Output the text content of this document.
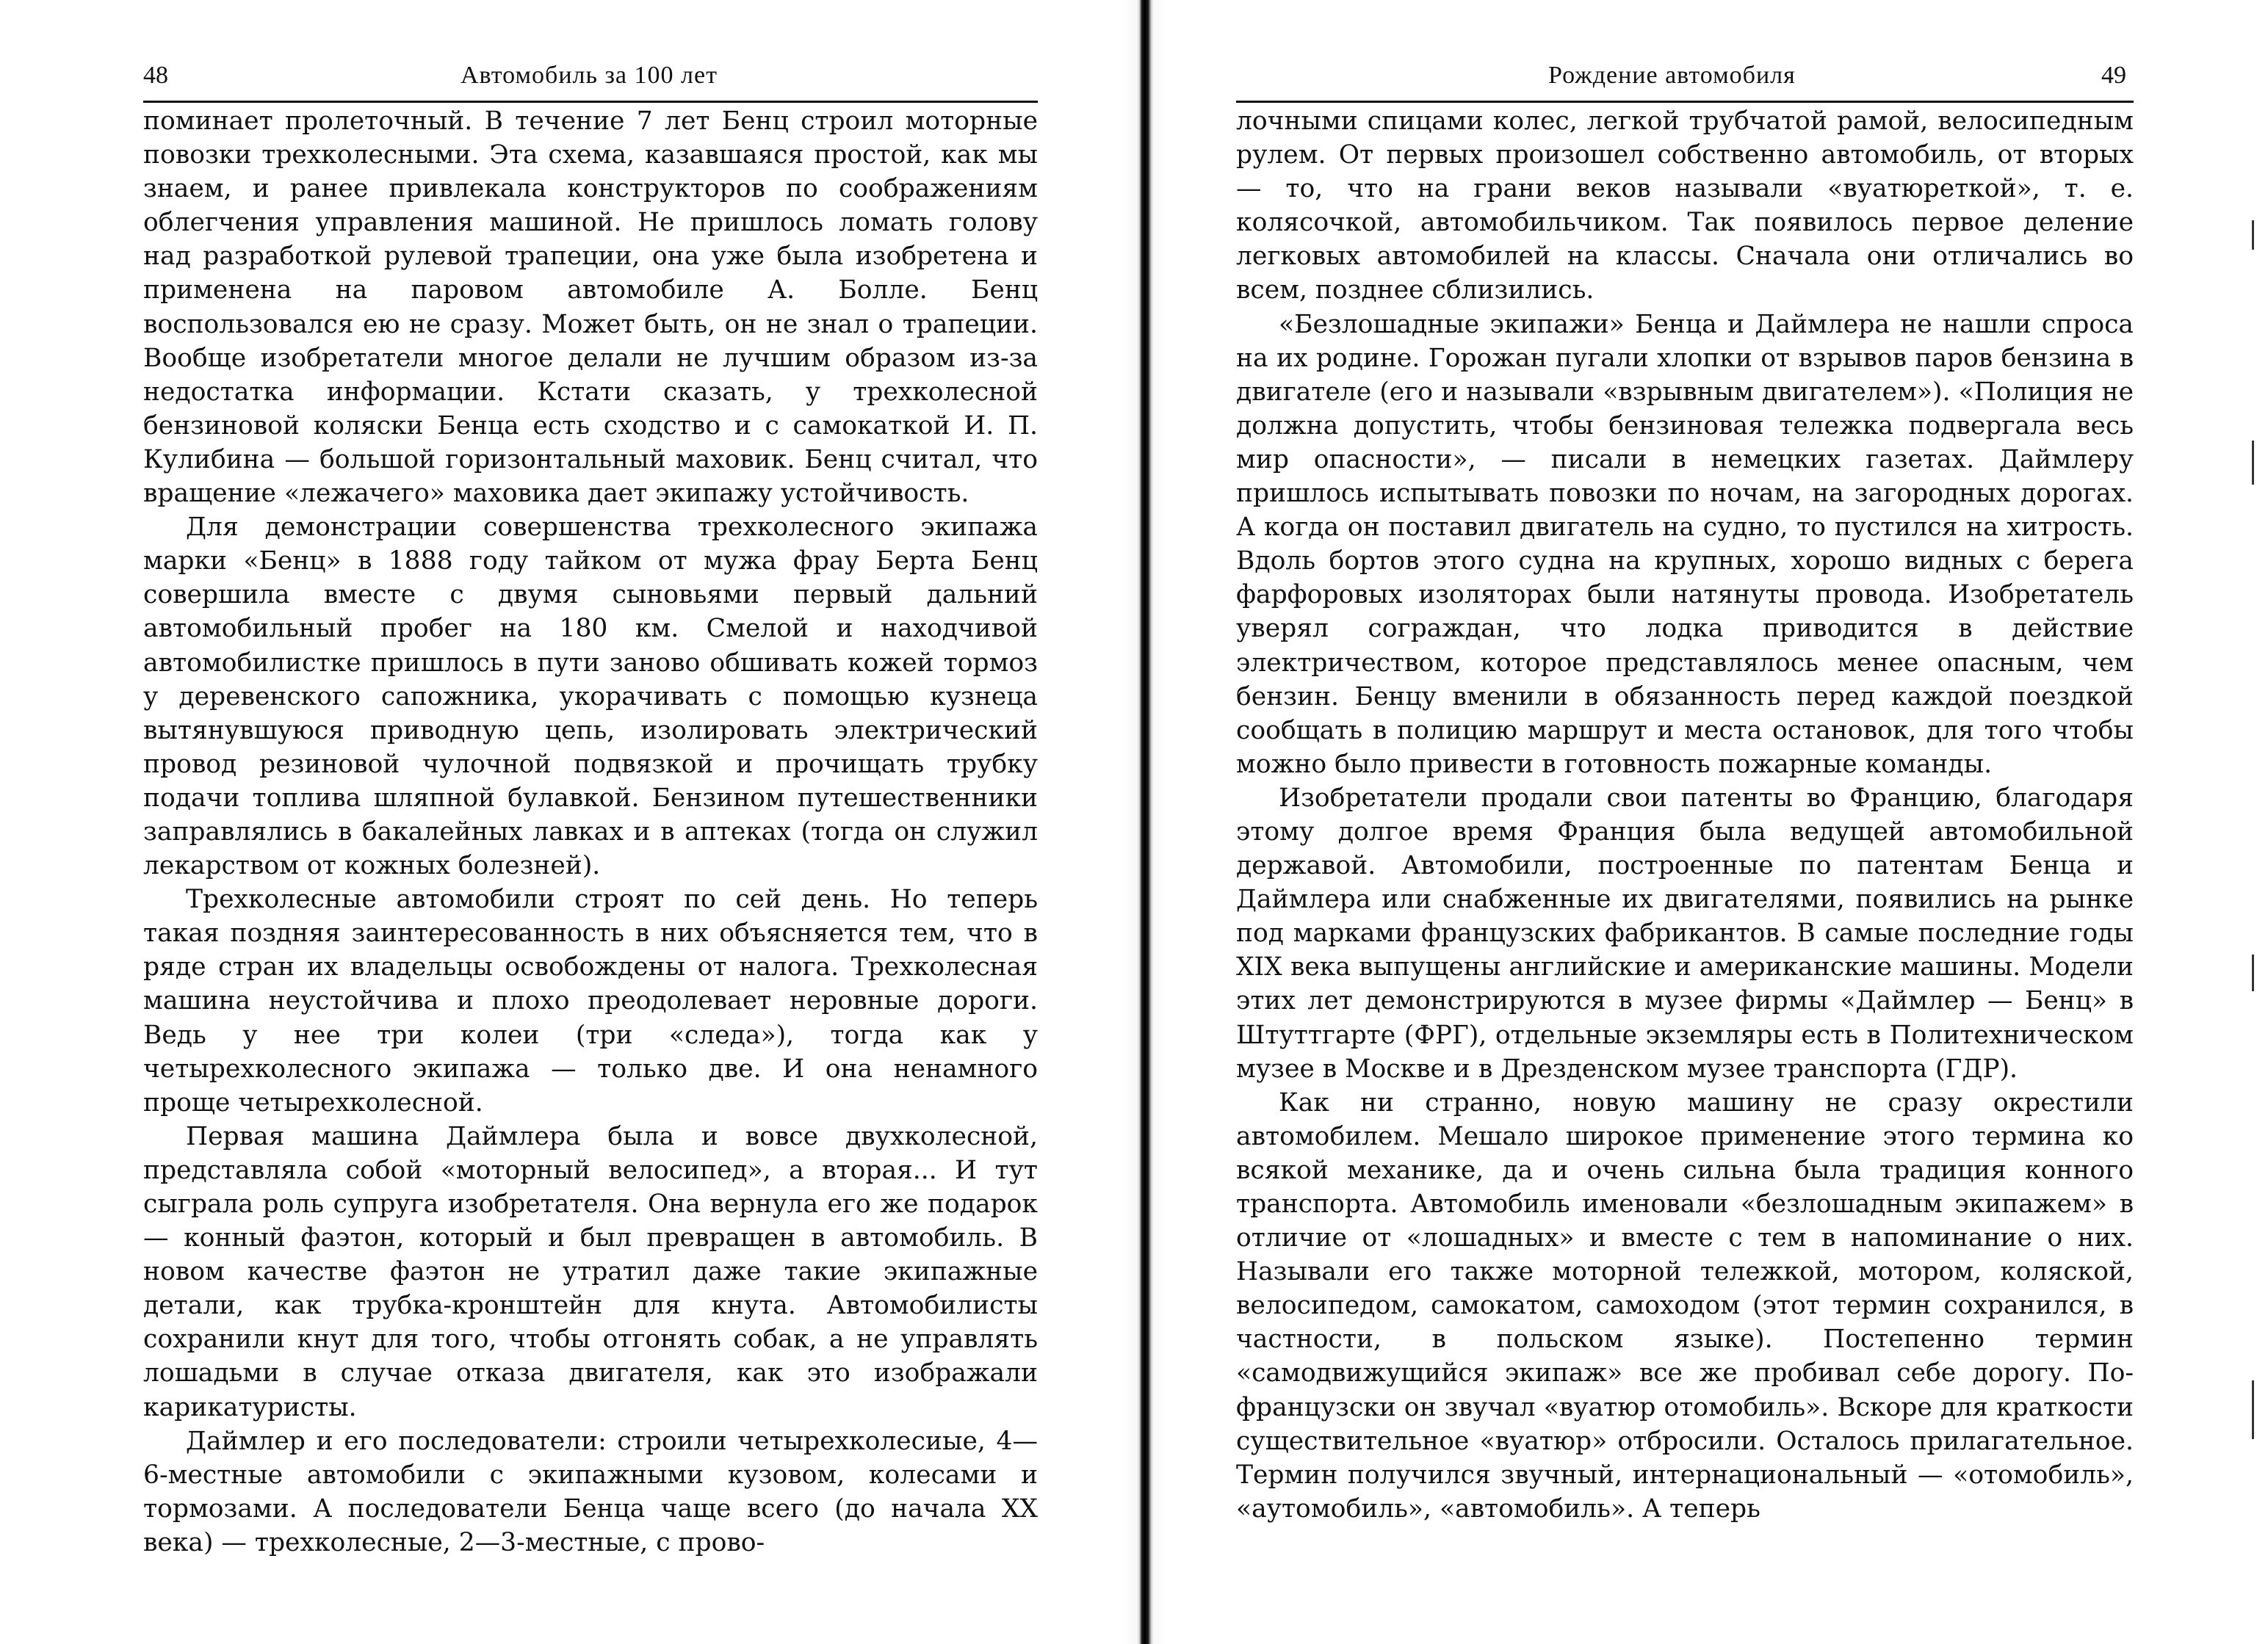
48	Автомобиль за 100 лет

поминает пролеточный. В течение 7 лет Бенц строил моторные повозки трехколесными. Эта схема, казавшаяся простой, как мы знаем, и ранее привлекала конструкторов по соображениям облегчения управления машиной. Не пришлось ломать голову над разработкой рулевой трапеции, она уже была изобретена и применена на паровом автомобиле А. Болле. Бенц воспользовался ею не сразу. Может быть, он не знал о трапеции. Вообще изобретатели многое делали не лучшим образом из-за недостатка информации. Кстати сказать, у трехколесной бензиновой коляски Бенца есть сходство и с самокаткой И. П. Кулибина — большой горизонтальный маховик. Бенц считал, что вращение «лежачего» маховика дает экипажу устойчивость.

Для демонстрации совершенства трехколесного экипажа марки «Бенц» в 1888 году тайком от мужа фрау Берта Бенц совершила вместе с двумя сыновьями первый дальний автомобильный пробег на 180 км. Смелой и находчивой автомобилистке пришлось в пути заново обшивать кожей тормоз у деревенского сапожника, укорачивать с помощью кузнеца вытянувшуюся приводную цепь, изолировать электрический провод резиновой чулочной подвязкой и прочищать трубку подачи топлива шляпной булавкой. Бензином путешественники заправлялись в бакалейных лавках и в аптеках (тогда он служил лекарством от кожных болезней).

Трехколесные автомобили строят по сей день. Но теперь такая поздняя заинтересованность в них объясняется тем, что в ряде стран их владельцы освобождены от налога. Трехколесная машина неустойчива и плохо преодолевает неровные дороги. Ведь у нее три колеи (три «следа»), тогда как у четырехколесного экипажа — только две. И она ненамного проще четырехколесной.

Первая машина Даймлера была и вовсе двухколесной, представляла собой «моторный велосипед», а вторая... И тут сыграла роль супруга изобретателя. Она вернула его же подарок — конный фаэтон, который и был превращен в автомобиль. В новом качестве фаэтон не утратил даже такие экипажные детали, как трубка-кронштейн для кнута. Автомобилисты сохранили кнут для того, чтобы отгонять собак, а не управлять лошадьми в случае отказа двигателя, как это изображали карикатуристы.

Даймлер и его последователи: строили четырехколесиые, 4—6-местные автомобили с экипажными кузовом, колесами и тормозами. А последователи Бенца чаще всего (до начала XX века) — трехколесные, 2—3-местные, с прово-

Рождение автомобиля	49

лочными спицами колес, легкой трубчатой рамой, велосипедным рулем. От первых произошел собственно автомобиль, от вторых — то, что на грани веков называли «вуатюреткой», т. е. колясочкой, автомобильчиком. Так появилось первое деление легковых автомобилей на классы. Сначала они отличались во всем, позднее сблизились.

«Безлошадные экипажи» Бенца и Даймлера не нашли спроса на их родине. Горожан пугали хлопки от взрывов паров бензина в двигателе (его и называли «взрывным двигателем»). «Полиция не должна допустить, чтобы бензиновая тележка подвергала весь мир опасности», — писали в немецких газетах. Даймлеру пришлось испытывать повозки по ночам, на загородных дорогах. А когда он поставил двигатель на судно, то пустился на хитрость. Вдоль бортов этого судна на крупных, хорошо видных с берега фарфоровых изоляторах были натянуты провода. Изобретатель уверял сограждан, что лодка приводится в действие электричеством, которое представлялось менее опасным, чем бензин. Бенцу вменили в обязанность перед каждой поездкой сообщать в полицию маршрут и места остановок, для того чтобы можно было привести в готовность пожарные команды.

Изобретатели продали свои патенты во Францию, благодаря этому долгое время Франция была ведущей автомобильной державой. Автомобили, построенные по патентам Бенца и Даймлера или снабженные их двигателями, появились на рынке под марками французских фабрикантов. В самые последние годы XIX века выпущены английские и американские машины. Модели этих лет демонстрируются в музее фирмы «Даймлер — Бенц» в Штуттгарте (ФРГ), отдельные экземляры есть в Политехническом музее в Москве и в Дрезденском музее транспорта (ГДР).

Как ни странно, новую машину не сразу окрестили автомобилем. Мешало широкое применение этого термина ко всякой механике, да и очень сильна была традиция конного транспорта. Автомобиль именовали «безлошадным экипажем» в отличие от «лошадных» и вместе с тем в напоминание о них. Называли его также моторной тележкой, мотором, коляской, велосипедом, самокатом, самоходом (этот термин сохранился, в частности, в польском языке). Постепенно термин «самодвижущийся экипаж» все же пробивал себе дорогу. По-французски он звучал «вуатюр отомобиль». Вскоре для краткости существительное «вуатюр» отбросили. Осталось прилагательное. Термин получился звучный, интернациональный — «отомобиль», «аутомобиль», «автомобиль». А теперь
